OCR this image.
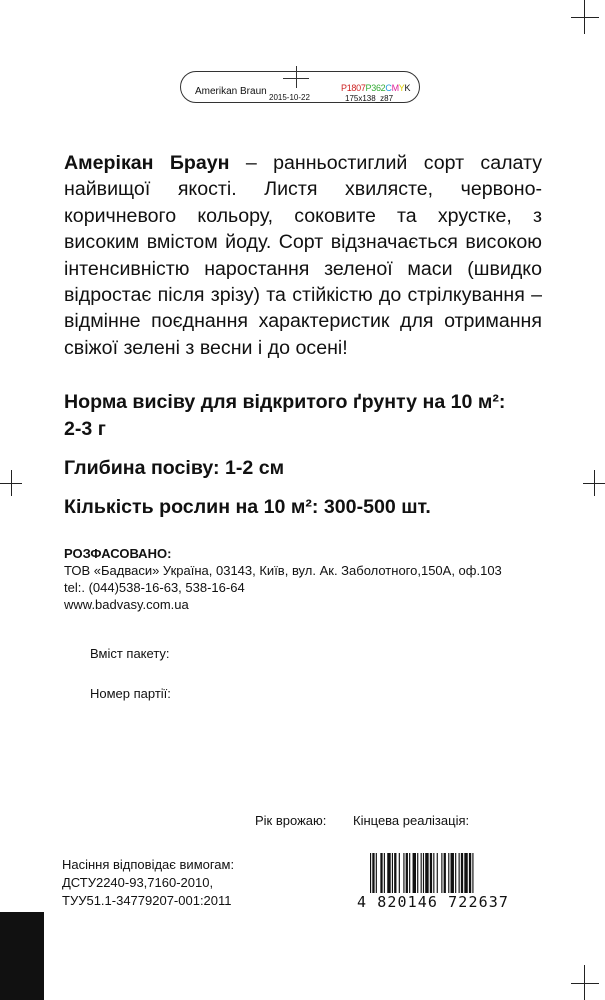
Amerikan Braun
2015-10-22
P1807P362CMYK
175x138_z87

Амерікан Браун – ранньостиглий сорт салату найвищої якості. Листя хвилясте, червоно-коричневого кольору, соковите та хрустке, з високим вмістом йоду. Сорт відзначається високою інтенсивністю наростання зеленої маси (швидко відростає після зрізу) та стійкістю до стрілкування – відмінне поєднання характеристик для отримання свіжої зелені з весни і до осені!

Норма висіву для відкритого ґрунту на 10 м²:

2-3 г

Глибина посіву: 1-2 см

Кількість рослин на 10 м²: 300-500 шт.

РОЗФАСОВАНО:
ТОВ «Бадваси» Україна, 03143, Київ, вул. Ак. Заболотного,150А, оф.103
tel:. (044)538-16-63, 538-16-64
www.badvasy.com.ua
Вміст пакету:
Номер партії:
Рік врожаю: Кінцева реалізація:
Насіння відповідає вимогам:
ДСТУ2240-93,7160-2010,
ТУУ51.1-34779207-001:2011	4 820146 722637
